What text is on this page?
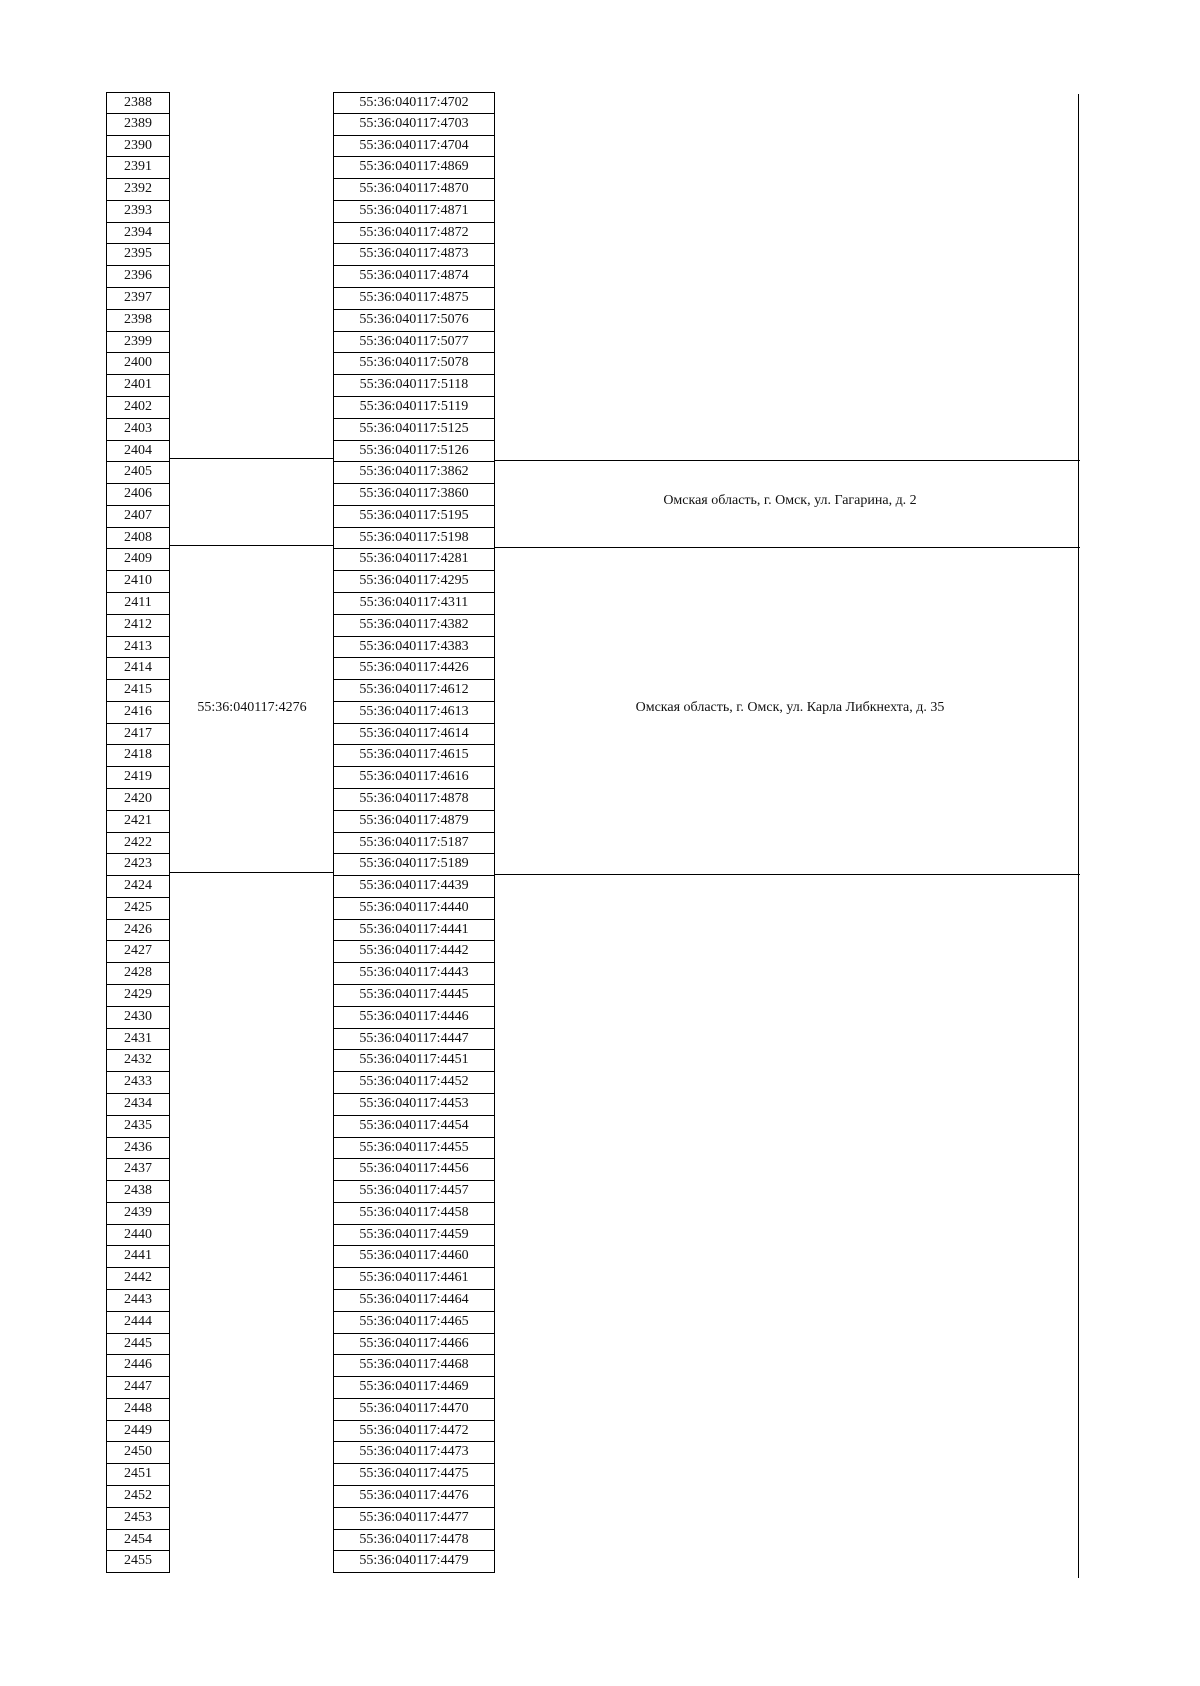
2388
2389
2390
2391
2392
2393
2394
2395
2396
2397
2398
2399
2400
2401
2402
2403
2404
2405
2406
2407
2408
2409
2410
2411
2412
2413
2414
2415
2416
2417
2418
2419
2420
2421
2422
2423
2424
2425
2426
2427
2428
2429
2430
2431
2432
2433
2434
2435
2436
2437
2438
2439
2440
2441
2442
2443
2444
2445
2446
2447
2448
2449
2450
2451
2452
2453
2454
2455
55:36:040117:4702
55:36:040117:4703
55:36:040117:4704
55:36:040117:4869
55:36:040117:4870
55:36:040117:4871
55:36:040117:4872
55:36:040117:4873
55:36:040117:4874
55:36:040117:4875
55:36:040117:5076
55:36:040117:5077
55:36:040117:5078
55:36:040117:5118
55:36:040117:5119
55:36:040117:5125
55:36:040117:5126
55:36:040117:3862
55:36:040117:3860
55:36:040117:5195
55:36:040117:5198
55:36:040117:4281
55:36:040117:4295
55:36:040117:4311
55:36:040117:4382
55:36:040117:4383
55:36:040117:4426
55:36:040117:4612
55:36:040117:4613
55:36:040117:4614
55:36:040117:4615
55:36:040117:4616
55:36:040117:4878
55:36:040117:4879
55:36:040117:5187
55:36:040117:5189
55:36:040117:4439
55:36:040117:4440
55:36:040117:4441
55:36:040117:4442
55:36:040117:4443
55:36:040117:4445
55:36:040117:4446
55:36:040117:4447
55:36:040117:4451
55:36:040117:4452
55:36:040117:4453
55:36:040117:4454
55:36:040117:4455
55:36:040117:4456
55:36:040117:4457
55:36:040117:4458
55:36:040117:4459
55:36:040117:4460
55:36:040117:4461
55:36:040117:4464
55:36:040117:4465
55:36:040117:4466
55:36:040117:4468
55:36:040117:4469
55:36:040117:4470
55:36:040117:4472
55:36:040117:4473
55:36:040117:4475
55:36:040117:4476
55:36:040117:4477
55:36:040117:4478
55:36:040117:4479
Омская область, г. Омск, ул. Гагарина, д. 2
55:36:040117:4276	Омская область, г. Омск, ул. Карла Либкнехта, д. 35
